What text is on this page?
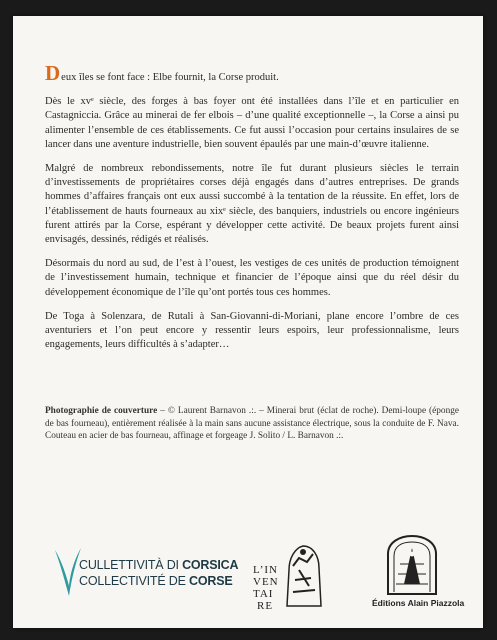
Deux îles se font face : Elbe fournit, la Corse produit.

Dès le xvᵉ siècle, des forges à bas foyer ont été installées dans l’île et en particulier en Castagniccia. Grâce au minerai de fer elbois – d’une qualité exceptionnelle –, la Corse a ainsi pu alimenter l’ensemble de ces établissements. Ce fut aussi l’occasion pour certains insulaires de se lancer dans une aventure industrielle, bien souvent épaulés par une main-d’œuvre italienne.

Malgré de nombreux rebondissements, notre île fut durant plusieurs siècles le terrain d’investissements de propriétaires corses déjà engagés dans d’autres entreprises. De grands hommes d’affaires français ont eux aussi succombé à la tentation de la réussite. En effet, lors de l’établissement de hauts fourneaux au xixᵉ siècle, des banquiers, industriels ou encore ingénieurs furent attirés par la Corse, espérant y développer cette activité. De beaux projets furent ainsi envisagés, dessinés, rédigés et réalisés.

Désormais du nord au sud, de l’est à l’ouest, les vestiges de ces unités de production témoignent de l’investissement humain, technique et financier de l’époque ainsi que du réel désir du développement économique de l’île qu’ont portés tous ces hommes.

De Toga à Solenzara, de Rutali à San-Giovanni-di-Moriani, plane encore l’ombre de ces aventuriers et l’on peut encore y ressentir leurs espoirs, leur professionnalisme, leurs engagements, leurs difficultés à s’adapter…

Photographie de couverture – © Laurent Barnavon .:. – Minerai brut (éclat de roche). Demi-loupe (éponge de bas fourneau), entièrement réalisée à la main sans aucune assistance électrique, sous la conduite de F. Nava. Couteau en acier de bas fourneau, affinage et forgeage J. Solito / L. Barnavon .:.
CULLETTIVITÀ DI CORSICA
COLLECTIVITÉ DE CORSE
L’IN
VEN
TAI
RE	Éditions Alain Piazzola
